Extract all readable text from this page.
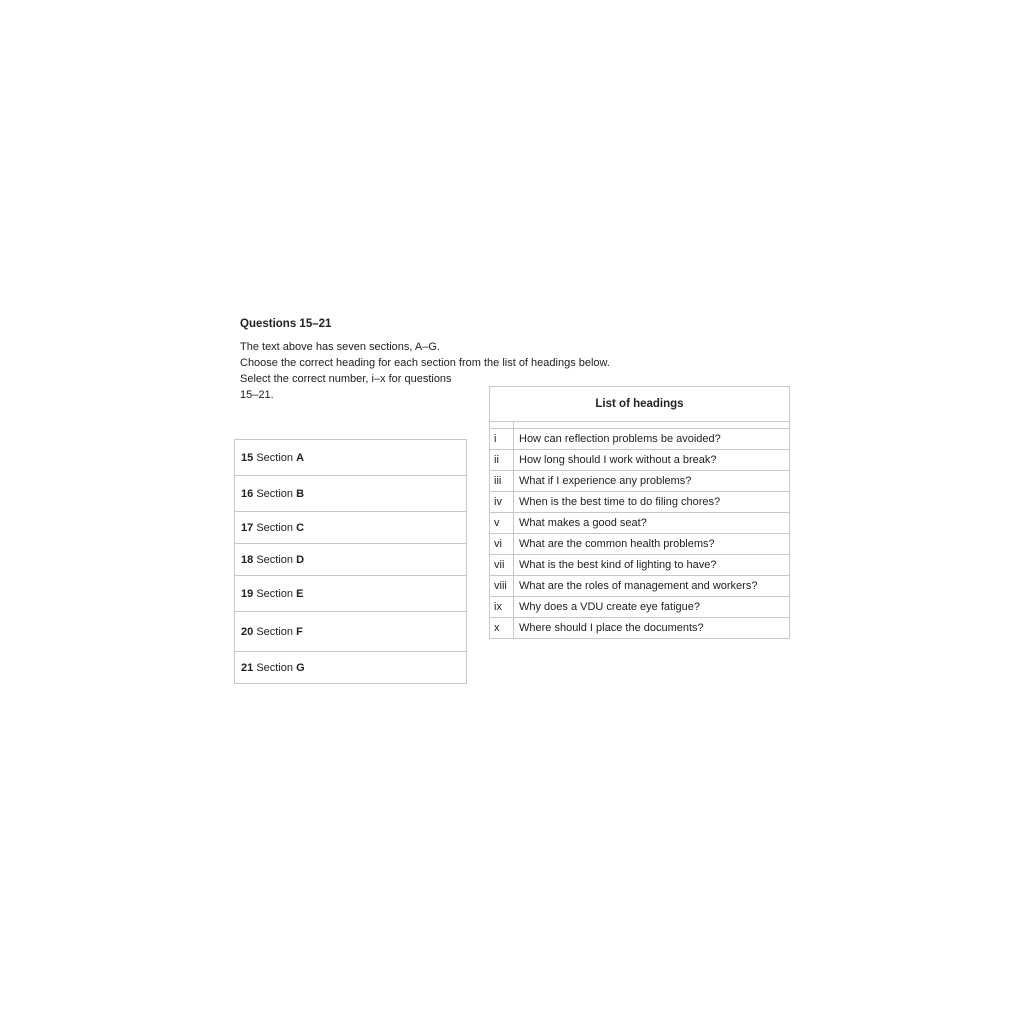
Questions 15–21

The text above has seven sections, A–G.

Choose the correct heading for each section from the list of headings below.

Select the correct number, i–x for questions

15–21.

15 Section A
16 Section B
17 Section C
18 Section D
19 Section E
20 Section F
21 Section G
List of headings	

i	How can reflection problems be avoided?
ii	How long should I work without a break?
iii	What if I experience any problems?
iv	When is the best time to do filing chores?
v	What makes a good seat?
vi	What are the common health problems?
vii	What is the best kind of lighting to have?
viii	What are the roles of management and workers?
ix	Why does a VDU create eye fatigue?
x	Where should I place the documents?
